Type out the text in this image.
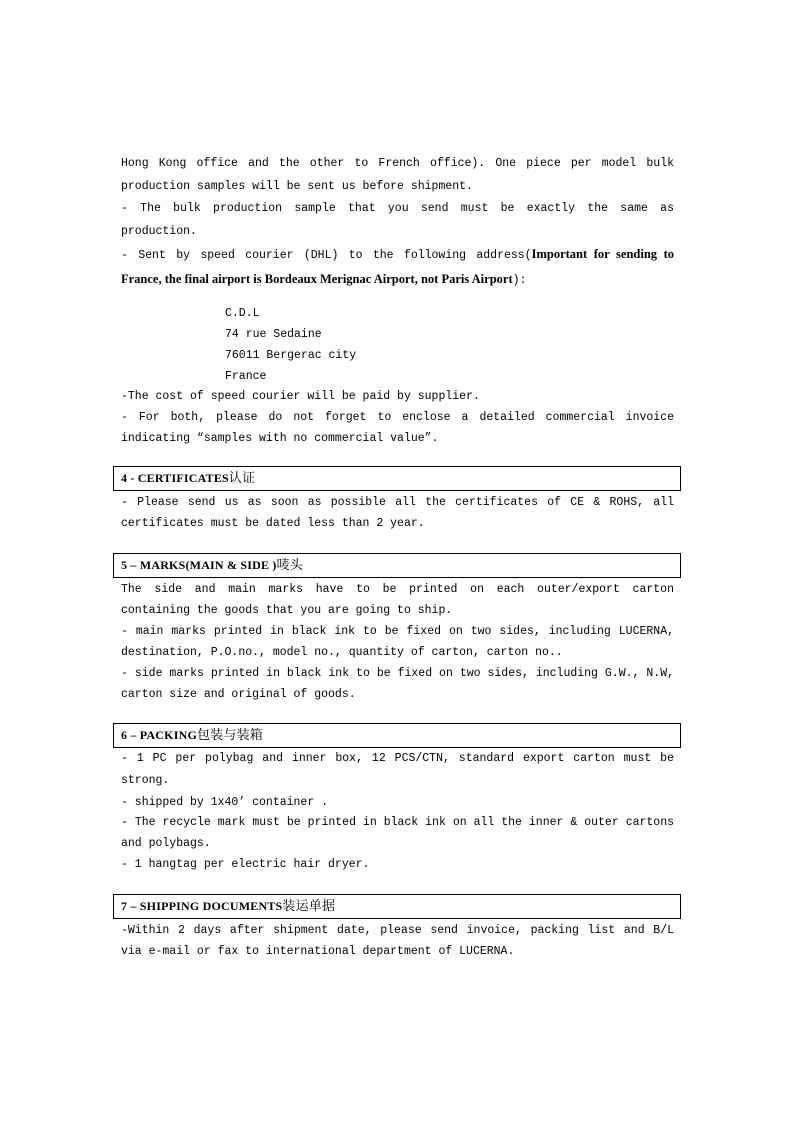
Hong Kong office and the other to French office). One piece per model bulk production samples will be sent us before shipment.

- The bulk production sample that you send must be exactly the same as production.

- Sent by speed courier (DHL) to the following address(Important for sending to France, the final airport is Bordeaux Merignac Airport, not Paris Airport):

C.D.L

74 rue Sedaine

76011 Bergerac city

France

-The cost of speed courier will be paid by supplier.

- For both, please do not forget to enclose a detailed commercial invoice indicating “samples with no commercial value”.

4 - CERTIFICATES认证

- Please send us as soon as possible all the certificates of CE & ROHS, all certificates must be dated less than 2 year.

5 – MARKS(MAIN & SIDE )唛头

The side and main marks have to be printed on each outer/export carton containing the goods that you are going to ship.

- main marks printed in black ink to be fixed on two sides, including LUCERNA, destination, P.O.no., model no., quantity of carton, carton no..

- side marks printed in black ink to be fixed on two sides, including G.W., N.W, carton size and original of goods.

6 – PACKING包装与装箱

- 1 PC per polybag and inner box, 12 PCS/CTN, standard export carton must be strong.

- shipped by 1x40’ container .

- The recycle mark must be printed in black ink on all the inner & outer cartons and polybags.

- 1 hangtag per electric hair dryer.

7 – SHIPPING DOCUMENTS装运单据

-Within 2 days after shipment date, please send invoice, packing list and B/L via e-mail or fax to international department of LUCERNA.
